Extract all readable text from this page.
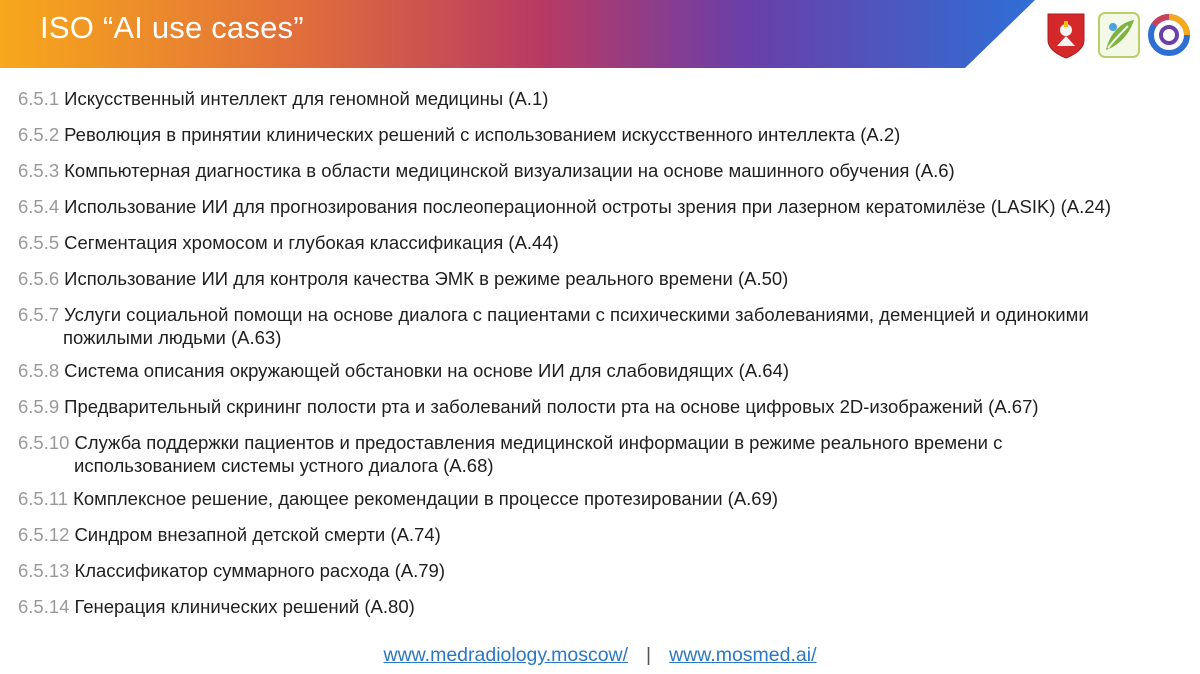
ISO “AI use cases”
6.5.1 Искусственный интеллект для геномной медицины (A.1)
6.5.2 Революция в принятии клинических решений с использованием искусственного интеллекта (A.2)
6.5.3 Компьютерная диагностика в области медицинской визуализации на основе машинного обучения (A.6)
6.5.4 Использование ИИ для прогнозирования послеоперационной остроты зрения при лазерном кератомилёзе (LASIK) (A.24)
6.5.5 Сегментация хромосом и глубокая классификация (A.44)
6.5.6 Использование ИИ для контроля качества ЭМК в режиме реального времени (A.50)
6.5.7 Услуги социальной помощи на основе диалога с пациентами с психическими заболеваниями, деменцией и одинокими
пожилыми людьми (A.63)
6.5.8 Система описания окружающей обстановки на основе ИИ для слабовидящих (A.64)
6.5.9 Предварительный скрининг полости рта и заболеваний полости рта на основе цифровых 2D-изображений (A.67)
6.5.10 Служба поддержки пациентов и предоставления медицинской информации в режиме реального времени с
использованием системы устного диалога (A.68)
6.5.11 Комплексное решение, дающее рекомендации в процессе протезировании (A.69)
6.5.12 Синдром внезапной детской смерти (A.74)
6.5.13 Классификатор суммарного расхода (A.79)
6.5.14 Генерация клинических решений (A.80)
www.medradiology.moscow/ | www.mosmed.ai/
